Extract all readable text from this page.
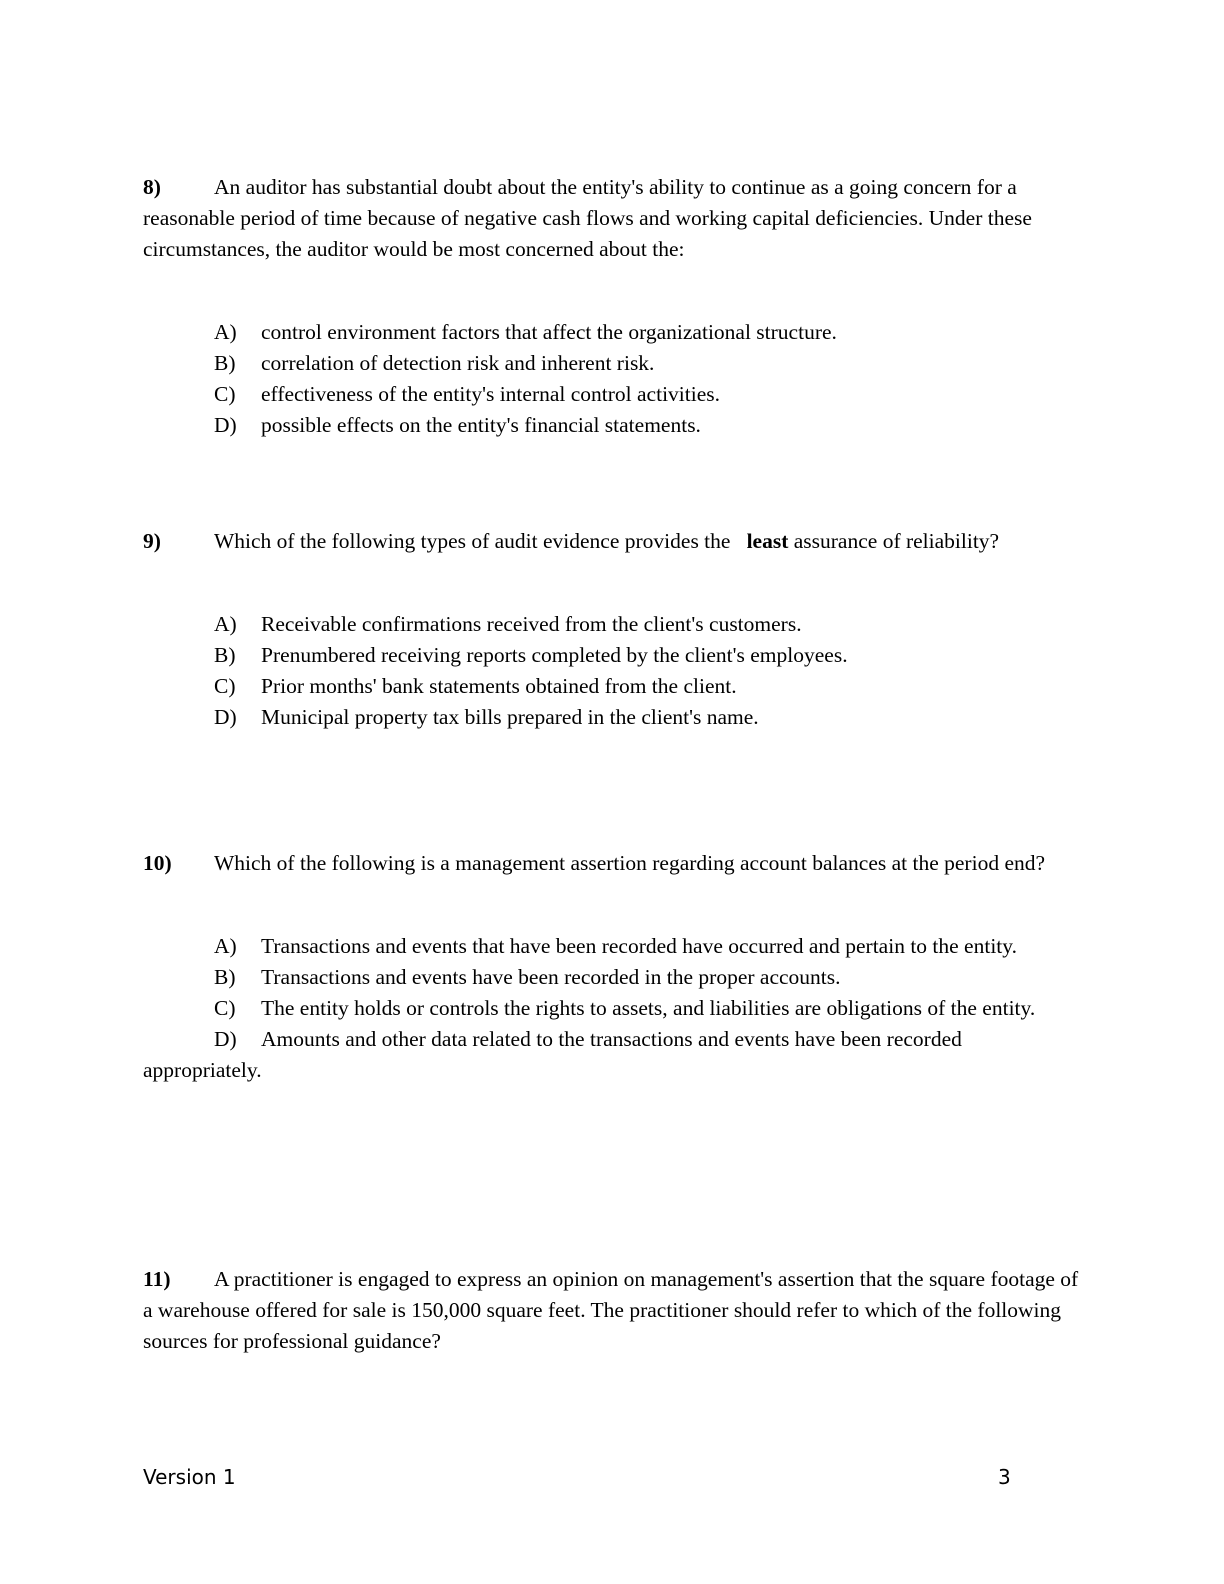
8) An auditor has substantial doubt about the entity's ability to continue as a going concern for a reasonable period of time because of negative cash flows and working capital deficiencies. Under these circumstances, the auditor would be most concerned about the:

A) control environment factors that affect the organizational structure.
B) correlation of detection risk and inherent risk.
C) effectiveness of the entity's internal control activities.
D) possible effects on the entity's financial statements.

9) Which of the following types of audit evidence provides the least assurance of reliability?

A) Receivable confirmations received from the client's customers.
B) Prenumbered receiving reports completed by the client's employees.
C) Prior months' bank statements obtained from the client.
D) Municipal property tax bills prepared in the client's name.

10) Which of the following is a management assertion regarding account balances at the period end?

A) Transactions and events that have been recorded have occurred and pertain to the entity.
B) Transactions and events have been recorded in the proper accounts.
C) The entity holds or controls the rights to assets, and liabilities are obligations of the entity.
D) Amounts and other data related to the transactions and events have been recorded appropriately.

11) A practitioner is engaged to express an opinion on management's assertion that the square footage of a warehouse offered for sale is 150,000 square feet. The practitioner should refer to which of the following sources for professional guidance?

Version 1	3
